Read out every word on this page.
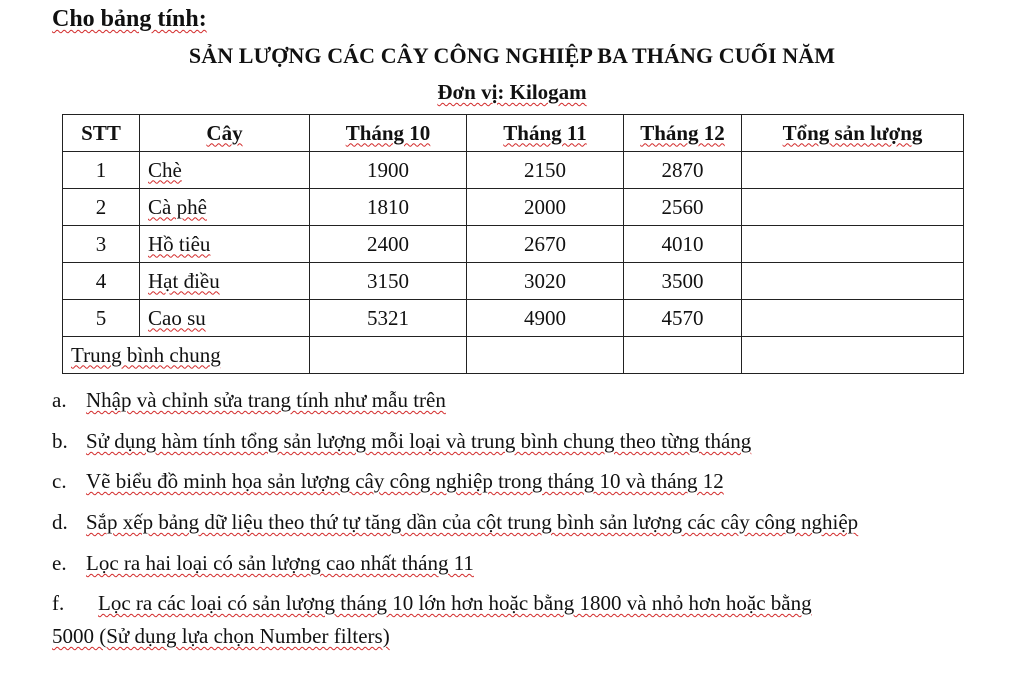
Cho bảng tính:
SẢN LƯỢNG CÁC CÂY CÔNG NGHIỆP BA THÁNG CUỐI NĂM
Đơn vị: Kilogam
STT	Cây	Tháng 10	Tháng 11	Tháng 12	Tổng sản lượng
1	Chè	1900	2150	2870	
2	Cà phê	1810	2000	2560	
3	Hồ tiêu	2400	2670	4010	
4	Hạt điều	3150	3020	3500	
5	Cao su	5321	4900	4570	
Trung bình chung					
a. Nhập và chỉnh sửa trang tính như mẫu trên
b. Sử dụng hàm tính tổng sản lượng mỗi loại và trung bình chung theo từng tháng
c. Vẽ biểu đồ minh họa sản lượng cây công nghiệp trong tháng 10 và tháng 12
d. Sắp xếp bảng dữ liệu theo thứ tự tăng dần của cột trung bình sản lượng các cây công nghiệp
e. Lọc ra hai loại có sản lượng cao nhất tháng 11
f. Lọc ra các loại có sản lượng tháng 10 lớn hơn hoặc bằng 1800 và nhỏ hơn hoặc bằng
5000 (Sử dụng lựa chọn Number filters)
